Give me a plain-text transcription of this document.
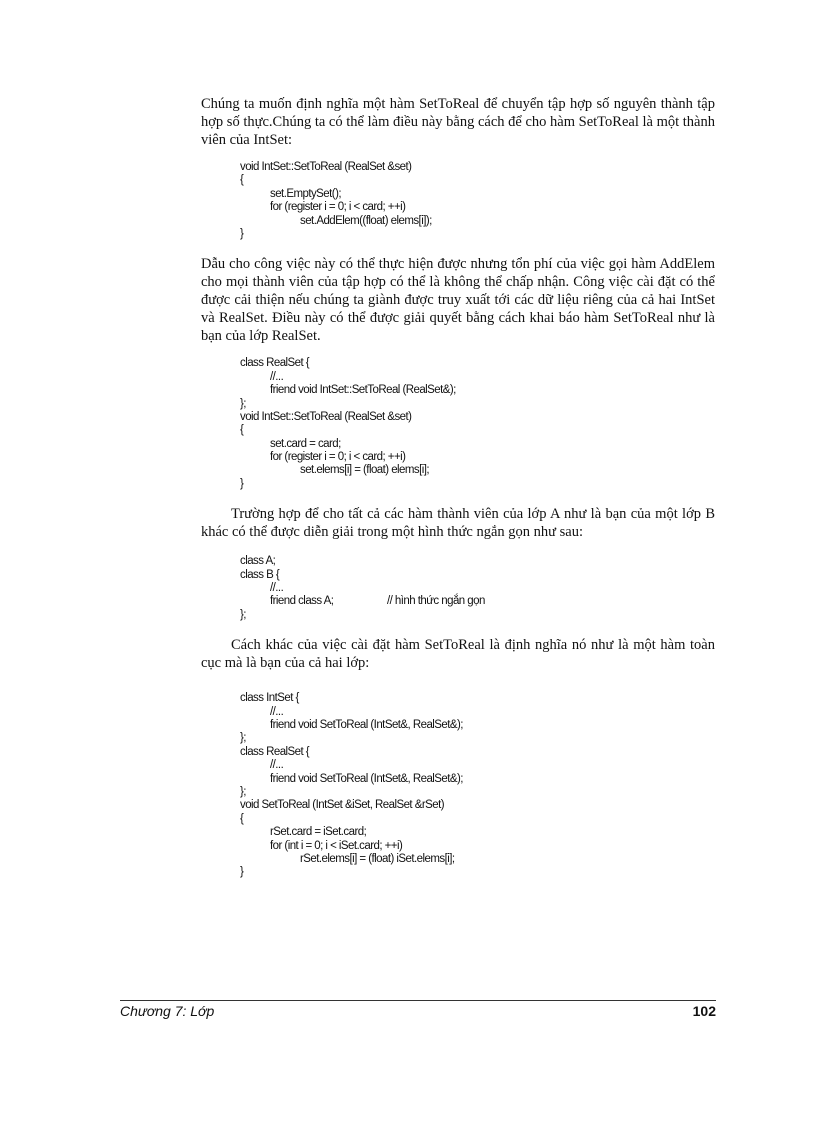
Chúng ta muốn định nghĩa một hàm SetToReal để chuyển tập hợp số nguyên thành tập hợp số thực.Chúng ta có thể làm điều này bằng cách để cho hàm SetToReal là một thành viên của IntSet:

void IntSet::SetToReal (RealSet &set)
{
set.EmptySet();
for (register i = 0; i < card; ++i)
set.AddElem((float) elems[i]);
}

Dẫu cho công việc này có thể thực hiện được nhưng tổn phí của việc gọi hàm AddElem cho mọi thành viên của tập hợp có thể là không thể chấp nhận. Công việc cài đặt có thể được cải thiện nếu chúng ta giành được truy xuất tới các dữ liệu riêng của cả hai IntSet và RealSet. Điều này có thể được giải quyết bằng cách khai báo hàm SetToReal như là bạn của lớp RealSet.

class RealSet {
//...
friend void IntSet::SetToReal (RealSet&);
};
void IntSet::SetToReal (RealSet &set)
{
set.card = card;
for (register i = 0; i < card; ++i)
set.elems[i] = (float) elems[i];
}

Trường hợp để cho tất cả các hàm thành viên của lớp A như là bạn của một lớp B khác có thể được diễn giải trong một hình thức ngắn gọn như sau:

class A;
class B {
//...
friend class A;	// hình thức ngắn gọn
};

Cách khác của việc cài đặt hàm SetToReal là định nghĩa nó như là một hàm toàn cục mà là bạn của cả hai lớp:

class IntSet {
//...
friend void SetToReal (IntSet&, RealSet&);
};
class RealSet {
//...
friend void SetToReal (IntSet&, RealSet&);
};
void SetToReal (IntSet &iSet, RealSet &rSet)
{
rSet.card = iSet.card;
for (int i = 0; i < iSet.card; ++i)
rSet.elems[i] = (float) iSet.elems[i];
}
Chương 7: Lớp	102
